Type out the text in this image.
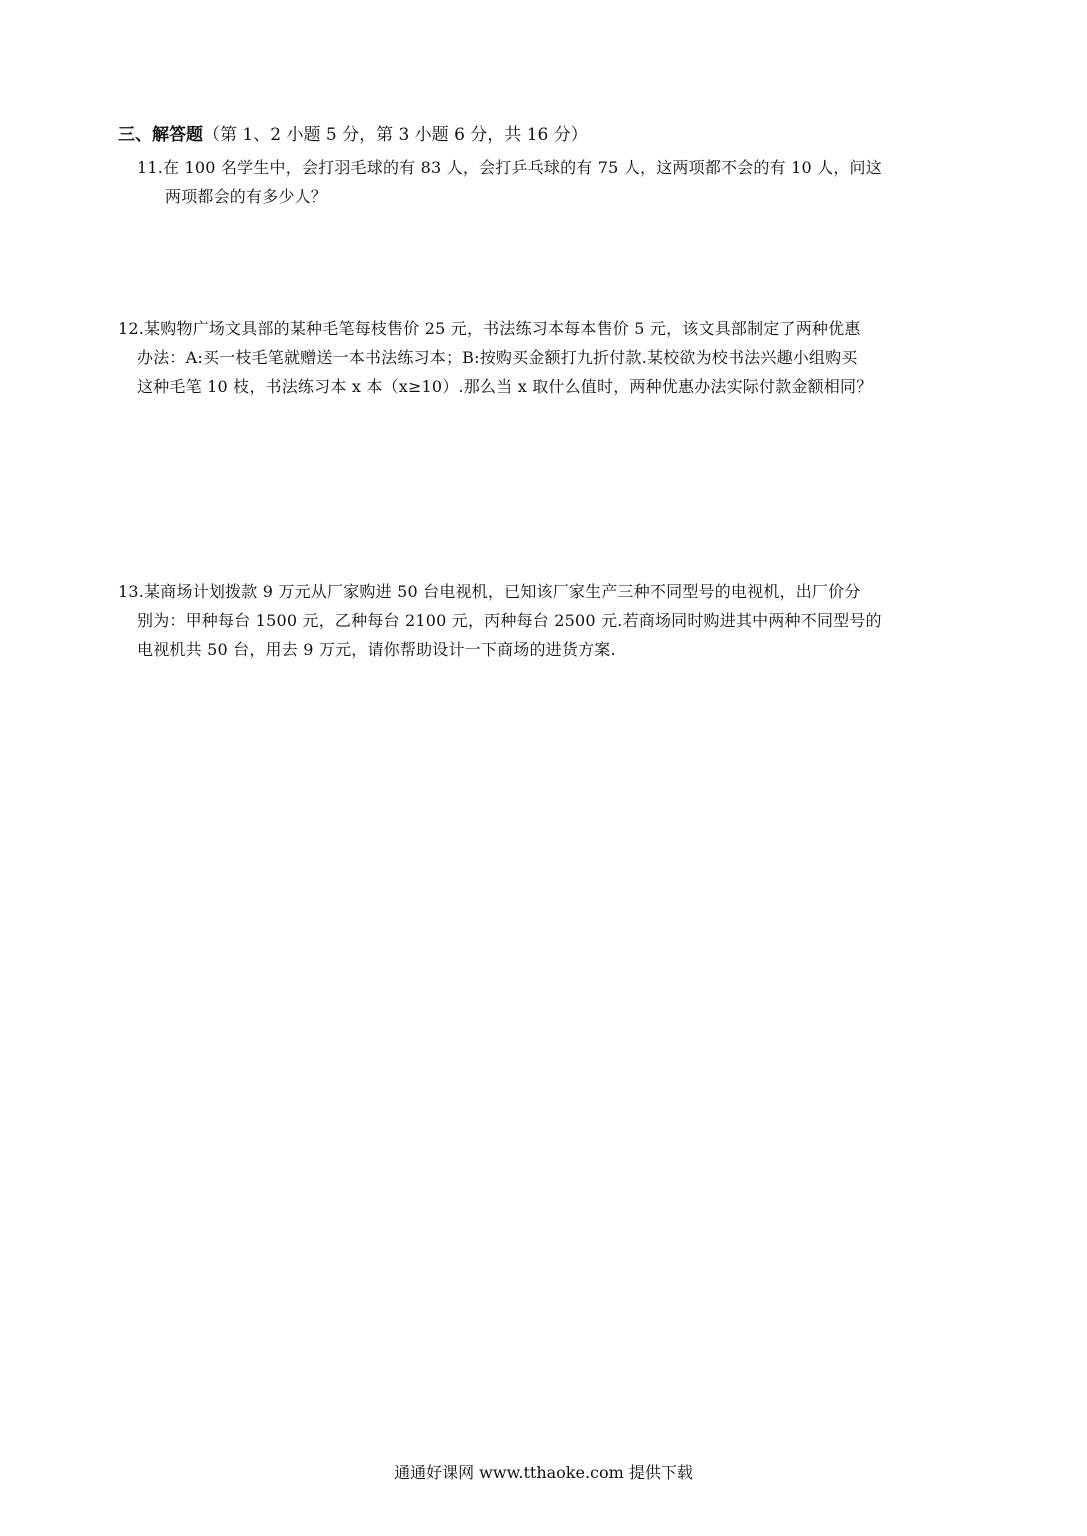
三、解答题（第 1、2 小题 5 分，第 3 小题 6 分，共 16 分）
11.在 100 名学生中，会打羽毛球的有 83 人，会打乒乓球的有 75 人，这两项都不会的有 10 人，问这
两项都会的有多少人？
12.某购物广场文具部的某种毛笔每枝售价 25 元，书法练习本每本售价 5 元，该文具部制定了两种优惠
办法：A:买一枝毛笔就赠送一本书法练习本；B:按购买金额打九折付款.某校欲为校书法兴趣小组购买
这种毛笔 10 枝，书法练习本 x 本（x≥10）.那么当 x 取什么值时，两种优惠办法实际付款金额相同？
13.某商场计划拨款 9 万元从厂家购进 50 台电视机，已知该厂家生产三种不同型号的电视机，出厂价分
别为：甲种每台 1500 元，乙种每台 2100 元，丙种每台 2500 元.若商场同时购进其中两种不同型号的
电视机共 50 台，用去 9 万元，请你帮助设计一下商场的进货方案.
通通好课网 www.tthaoke.com 提供下载
